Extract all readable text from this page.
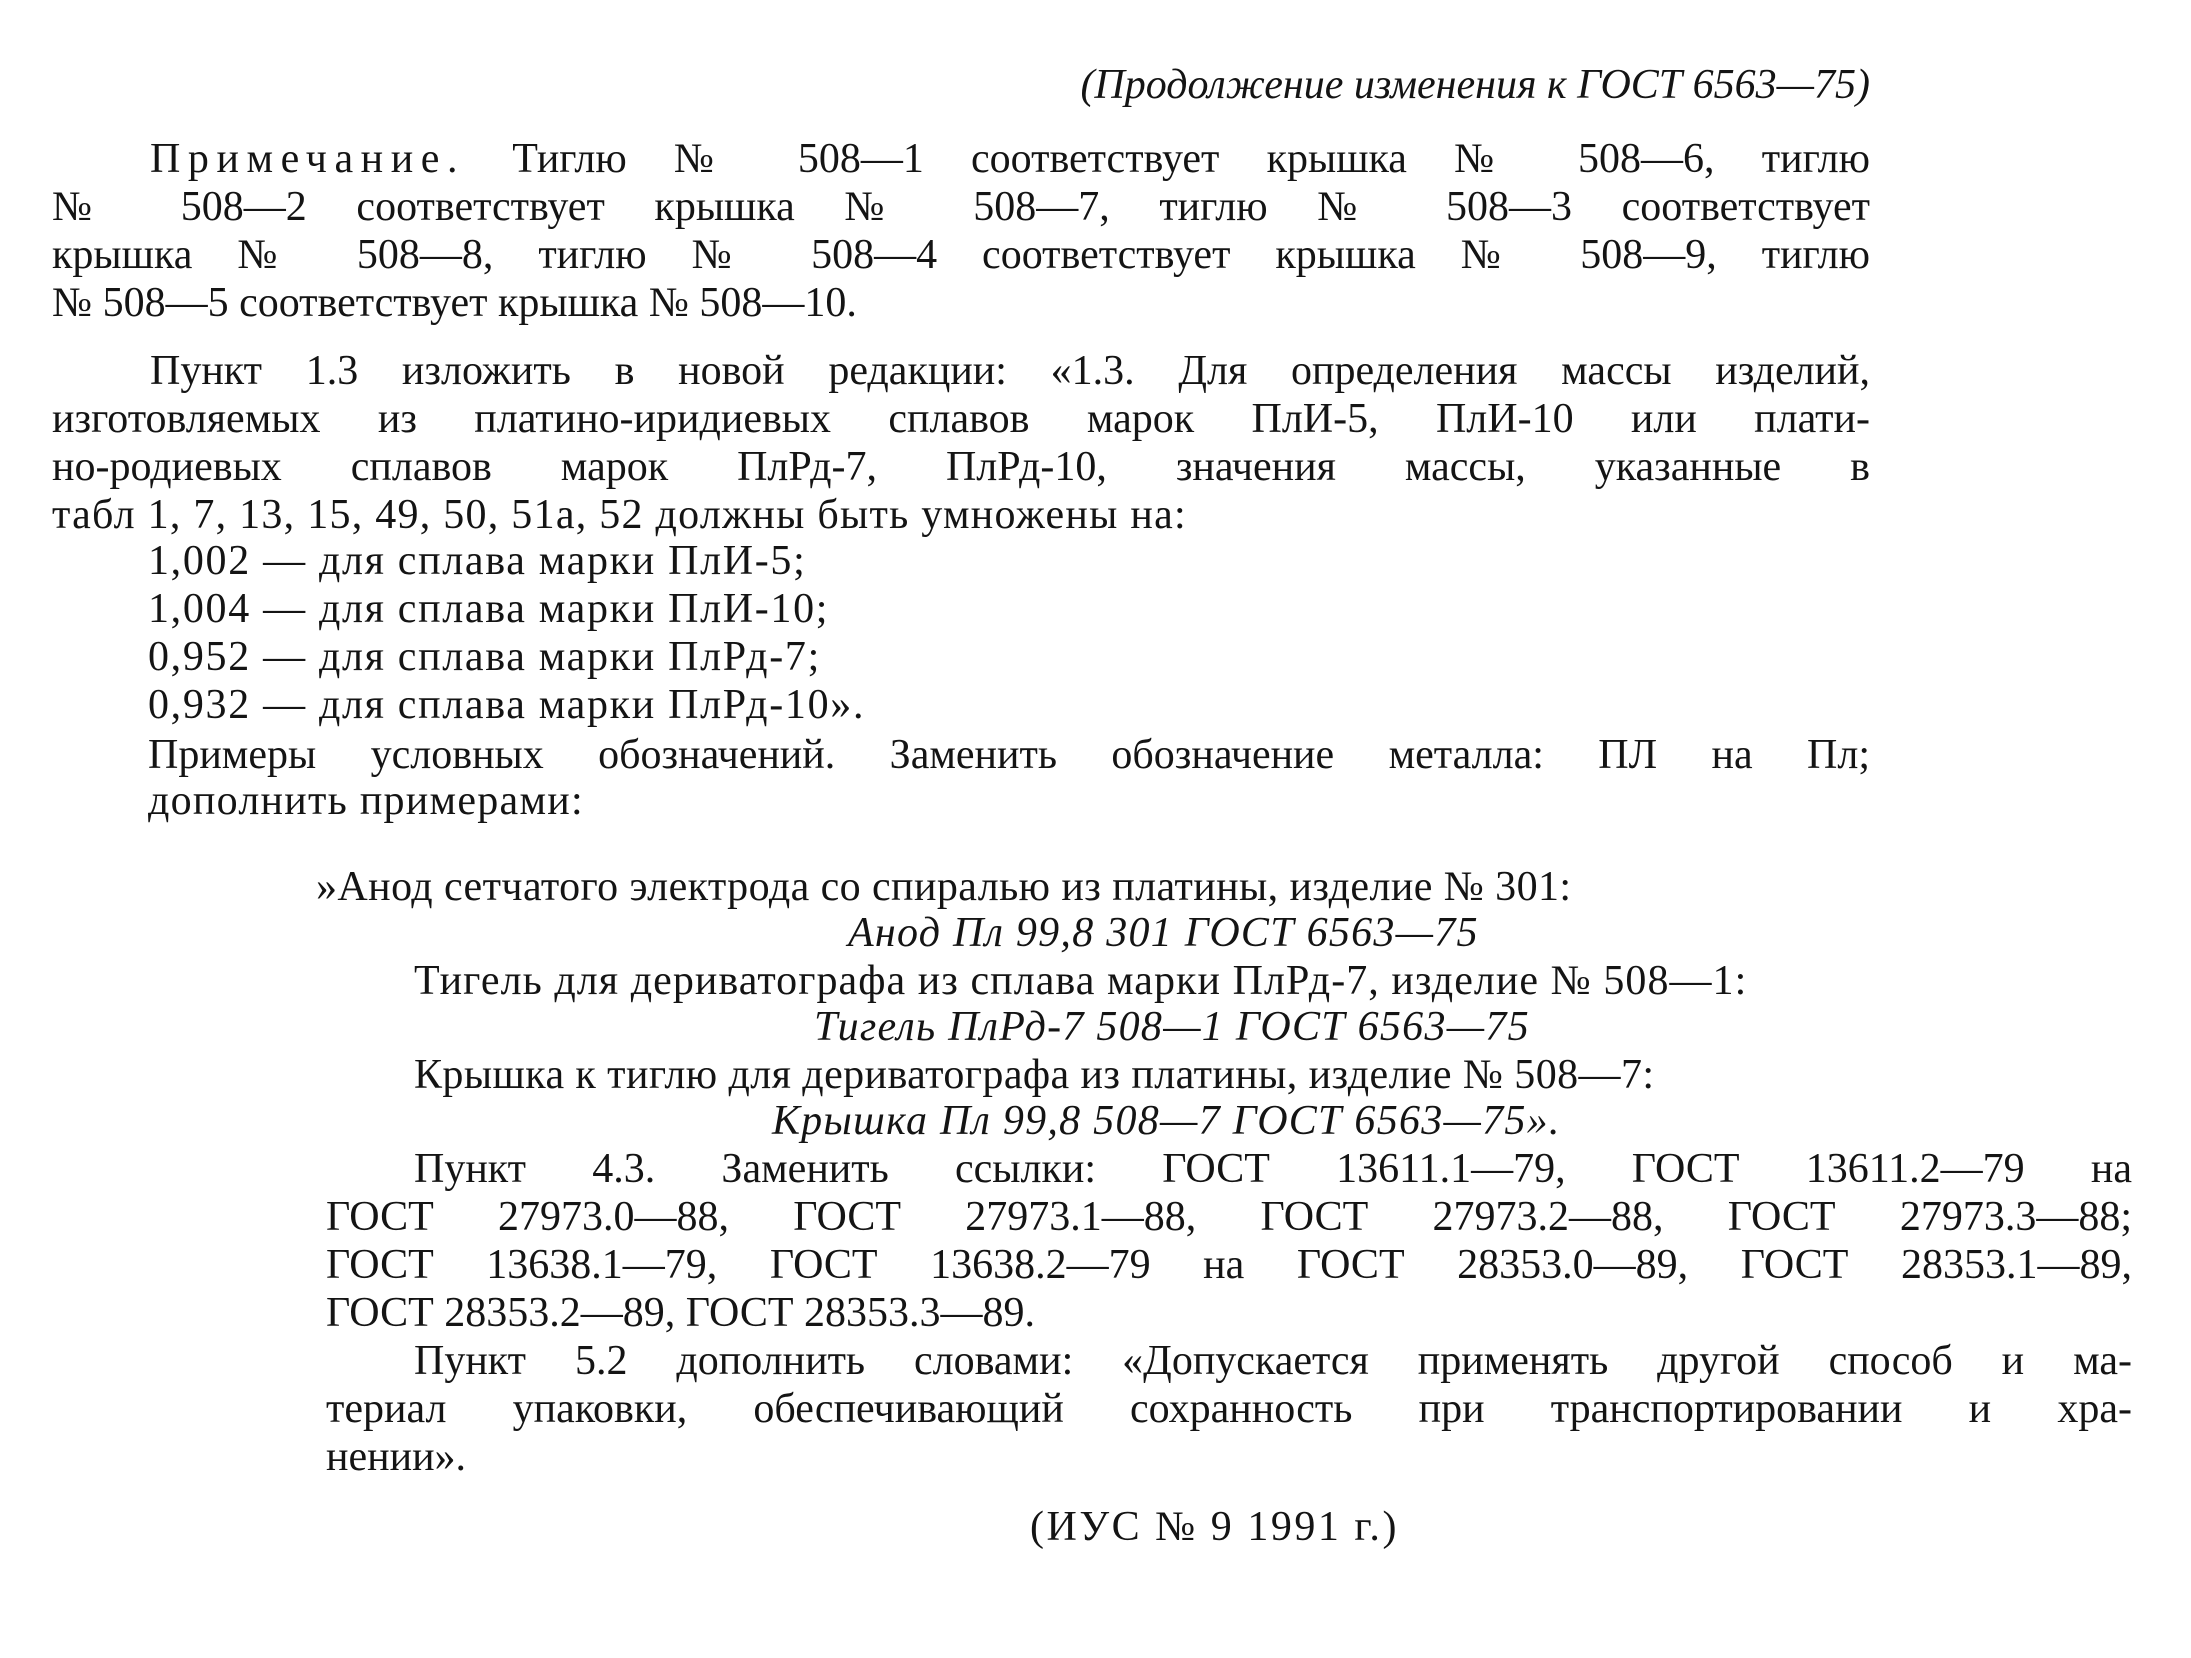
(Продолжение изменения к ГОСТ 6563—75)
Примечание. Тиглю № 508—1 соответствует крышка № 508—6, тиглю
№ 508—2 соответствует крышка № 508—7, тиглю № 508—3 соответствует
крышка № 508—8, тиглю № 508—4 соответствует крышка № 508—9, тиглю
№ 508—5 соответствует крышка № 508—10.
Пункт 1.3 изложить в новой редакции: «1.3. Для определения массы изделий,
изготовляемых из платино-иридиевых сплавов марок ПлИ-5, ПлИ-10 или плати-
но-родиевых сплавов марок ПлРд-7, ПлРд-10, значения массы, указанные в
табл 1, 7, 13, 15, 49, 50, 51а, 52 должны быть умножены на:
1,002 — для сплава марки ПлИ-5;
1,004 — для сплава марки ПлИ-10;
0,952 — для сплава марки ПлРд-7;
0,932 — для сплава марки ПлРд-10».
Примеры условных обозначений. Заменить обозначение металла: ПЛ на Пл;
дополнить примерами:
»Анод сетчатого электрода со спиралью из платины, изделие № 301:
Анод Пл 99,8 301 ГОСТ 6563—75
Тигель для дериватографа из сплава марки ПлРд-7, изделие № 508—1:
Тигель ПлРд-7 508—1 ГОСТ 6563—75
Крышка к тиглю для дериватографа из платины, изделие № 508—7:
Крышка Пл 99,8 508—7 ГОСТ 6563—75».
Пункт 4.3. Заменить ссылки: ГОСТ 13611.1—79, ГОСТ 13611.2—79 на
ГОСТ 27973.0—88, ГОСТ 27973.1—88, ГОСТ 27973.2—88, ГОСТ 27973.3—88;
ГОСТ 13638.1—79, ГОСТ 13638.2—79 на ГОСТ 28353.0—89, ГОСТ 28353.1—89,
ГОСТ 28353.2—89, ГОСТ 28353.3—89.
Пункт 5.2 дополнить словами: «Допускается применять другой способ и ма-
териал упаковки, обеспечивающий сохранность при транспортировании и хра-
нении».
(ИУС № 9 1991 г.)
